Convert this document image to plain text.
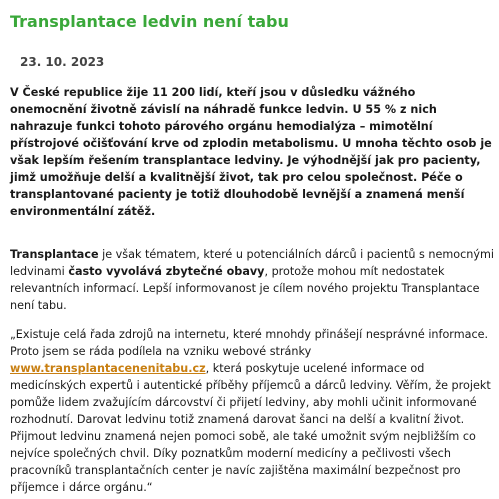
Transplantace ledvin není tabu
23. 10. 2023

V České republice žije 11 200 lidí, kteří jsou v důsledku vážného onemocnění životně závislí na náhradě funkce ledvin. U 55 % z nich nahrazuje funkci tohoto párového orgánu hemodialýza – mimotělní přístrojové očišťování krve od zplodin metabolismu. U mnoha těchto osob je však lepším řešením transplantace ledviny. Je výhodnější jak pro pacienty, jimž umožňuje delší a kvalitnější život, tak pro celou společnost. Péče o transplantované pacienty je totiž dlouhodobě levnější a znamená menší environmentální zátěž.

Transplantace je však tématem, které u potenciálních dárců i pacientů s nemocnými ledvinami často vyvolává zbytečné obavy, protože mohou mít nedostatek relevantních informací. Lepší informovanost je cílem nového projektu Transplantace není tabu.

„Existuje celá řada zdrojů na internetu, které mnohdy přinášejí nesprávné informace. Proto jsem se ráda podílela na vzniku webové stránky www.transplantacenenitabu.cz, která poskytuje ucelené informace od medicínských expertů i autentické příběhy příjemců a dárců ledviny. Věřím, že projekt pomůže lidem zvažujícím dárcovství či přijetí ledviny, aby mohli učinit informované rozhodnutí. Darovat ledvinu totiž znamená darovat šanci na delší a kvalitní život. Přijmout ledvinu znamená nejen pomoci sobě, ale také umožnit svým nejbližším co nejvíce společných chvil. Díky poznatkům moderní medicíny a pečlivosti všech pracovníků transplantačních center je navíc zajištěna maximální bezpečnost pro příjemce i dárce orgánu.“
